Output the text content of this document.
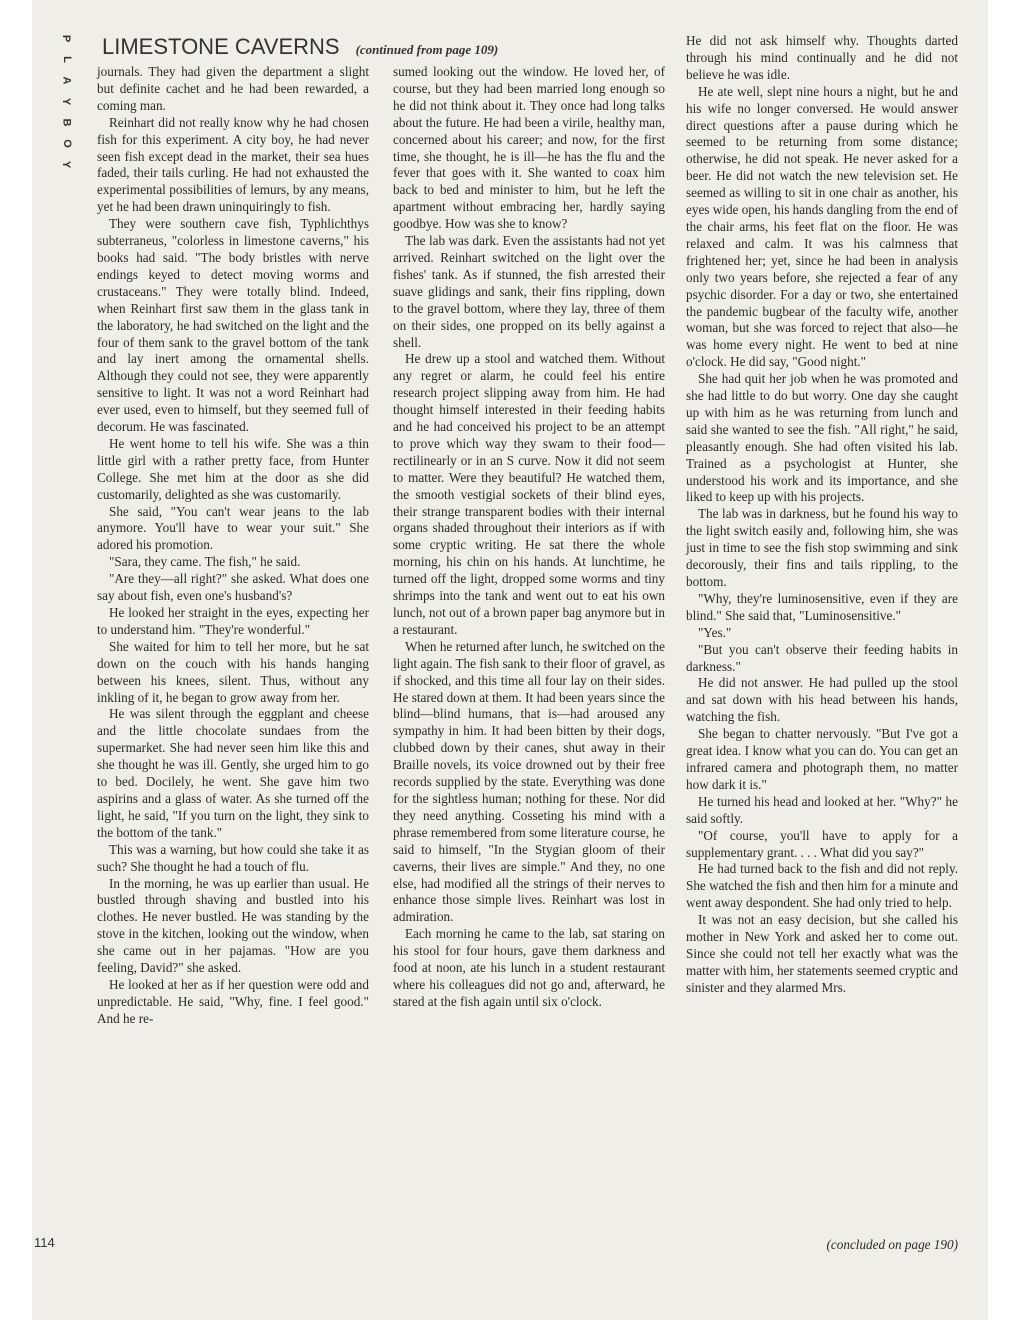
P
L
A
Y
B
O
Y
LIMESTONE CAVERNS (continued from page 109)

journals. They had given the department a slight but definite cachet and he had been rewarded, a coming man.

Reinhart did not really know why he had chosen fish for this experiment. A city boy, he had never seen fish except dead in the market, their sea hues faded, their tails curling. He had not exhausted the experimental possibilities of lemurs, by any means, yet he had been drawn uninquiringly to fish.

They were southern cave fish, Typhlichthys subterraneus, "colorless in limestone caverns," his books had said. "The body bristles with nerve endings keyed to detect moving worms and crustaceans." They were totally blind. Indeed, when Reinhart first saw them in the glass tank in the laboratory, he had switched on the light and the four of them sank to the gravel bottom of the tank and lay inert among the ornamental shells. Although they could not see, they were apparently sensitive to light. It was not a word Reinhart had ever used, even to himself, but they seemed full of decorum. He was fascinated.

He went home to tell his wife. She was a thin little girl with a rather pretty face, from Hunter College. She met him at the door as she did customarily, delighted as she was customarily.

She said, "You can't wear jeans to the lab anymore. You'll have to wear your suit." She adored his promotion.

"Sara, they came. The fish," he said.

"Are they—all right?" she asked. What does one say about fish, even one's husband's?

He looked her straight in the eyes, expecting her to understand him. "They're wonderful."

She waited for him to tell her more, but he sat down on the couch with his hands hanging between his knees, silent. Thus, without any inkling of it, he began to grow away from her.

He was silent through the eggplant and cheese and the little chocolate sundaes from the supermarket. She had never seen him like this and she thought he was ill. Gently, she urged him to go to bed. Docilely, he went. She gave him two aspirins and a glass of water. As she turned off the light, he said, "If you turn on the light, they sink to the bottom of the tank."

This was a warning, but how could she take it as such? She thought he had a touch of flu.

In the morning, he was up earlier than usual. He bustled through shaving and bustled into his clothes. He never bustled. He was standing by the stove in the kitchen, looking out the window, when she came out in her pajamas. "How are you feeling, David?" she asked.

He looked at her as if her question were odd and unpredictable. He said, "Why, fine. I feel good." And he re-

sumed looking out the window. He loved her, of course, but they had been married long enough so he did not think about it. They once had long talks about the future. He had been a virile, healthy man, concerned about his career; and now, for the first time, she thought, he is ill—he has the flu and the fever that goes with it. She wanted to coax him back to bed and minister to him, but he left the apartment without embracing her, hardly saying goodbye. How was she to know?

The lab was dark. Even the assistants had not yet arrived. Reinhart switched on the light over the fishes' tank. As if stunned, the fish arrested their suave glidings and sank, their fins rippling, down to the gravel bottom, where they lay, three of them on their sides, one propped on its belly against a shell.

He drew up a stool and watched them. Without any regret or alarm, he could feel his entire research project slipping away from him. He had thought himself interested in their feeding habits and he had conceived his project to be an attempt to prove which way they swam to their food—rectilinearly or in an S curve. Now it did not seem to matter. Were they beautiful? He watched them, the smooth vestigial sockets of their blind eyes, their strange transparent bodies with their internal organs shaded throughout their interiors as if with some cryptic writing. He sat there the whole morning, his chin on his hands. At lunchtime, he turned off the light, dropped some worms and tiny shrimps into the tank and went out to eat his own lunch, not out of a brown paper bag anymore but in a restaurant.

When he returned after lunch, he switched on the light again. The fish sank to their floor of gravel, as if shocked, and this time all four lay on their sides. He stared down at them. It had been years since the blind—blind humans, that is—had aroused any sympathy in him. It had been bitten by their dogs, clubbed down by their canes, shut away in their Braille novels, its voice drowned out by their free records supplied by the state. Everything was done for the sightless human; nothing for these. Nor did they need anything. Cosseting his mind with a phrase remembered from some literature course, he said to himself, "In the Stygian gloom of their caverns, their lives are simple." And they, no one else, had modified all the strings of their nerves to enhance those simple lives. Reinhart was lost in admiration.

Each morning he came to the lab, sat staring on his stool for four hours, gave them darkness and food at noon, ate his lunch in a student restaurant where his colleagues did not go and, afterward, he stared at the fish again until six o'clock.

He did not ask himself why. Thoughts darted through his mind continually and he did not believe he was idle.

He ate well, slept nine hours a night, but he and his wife no longer conversed. He would answer direct questions after a pause during which he seemed to be returning from some distance; otherwise, he did not speak. He never asked for a beer. He did not watch the new television set. He seemed as willing to sit in one chair as another, his eyes wide open, his hands dangling from the end of the chair arms, his feet flat on the floor. He was relaxed and calm. It was his calmness that frightened her; yet, since he had been in analysis only two years before, she rejected a fear of any psychic disorder. For a day or two, she entertained the pandemic bugbear of the faculty wife, another woman, but she was forced to reject that also—he was home every night. He went to bed at nine o'clock. He did say, "Good night."

She had quit her job when he was promoted and she had little to do but worry. One day she caught up with him as he was returning from lunch and said she wanted to see the fish. "All right," he said, pleasantly enough. She had often visited his lab. Trained as a psychologist at Hunter, she understood his work and its importance, and she liked to keep up with his projects.

The lab was in darkness, but he found his way to the light switch easily and, following him, she was just in time to see the fish stop swimming and sink decorously, their fins and tails rippling, to the bottom.

"Why, they're luminosensitive, even if they are blind." She said that, "Luminosensitive."

"Yes."

"But you can't observe their feeding habits in darkness."

He did not answer. He had pulled up the stool and sat down with his head between his hands, watching the fish.

She began to chatter nervously. "But I've got a great idea. I know what you can do. You can get an infrared camera and photograph them, no matter how dark it is."

He turned his head and looked at her. "Why?" he said softly.

"Of course, you'll have to apply for a supplementary grant. . . . What did you say?"

He had turned back to the fish and did not reply. She watched the fish and then him for a minute and went away despondent. She had only tried to help.

It was not an easy decision, but she called his mother in New York and asked her to come out. Since she could not tell her exactly what was the matter with him, her statements seemed cryptic and sinister and they alarmed Mrs.

(concluded on page 190)
114
